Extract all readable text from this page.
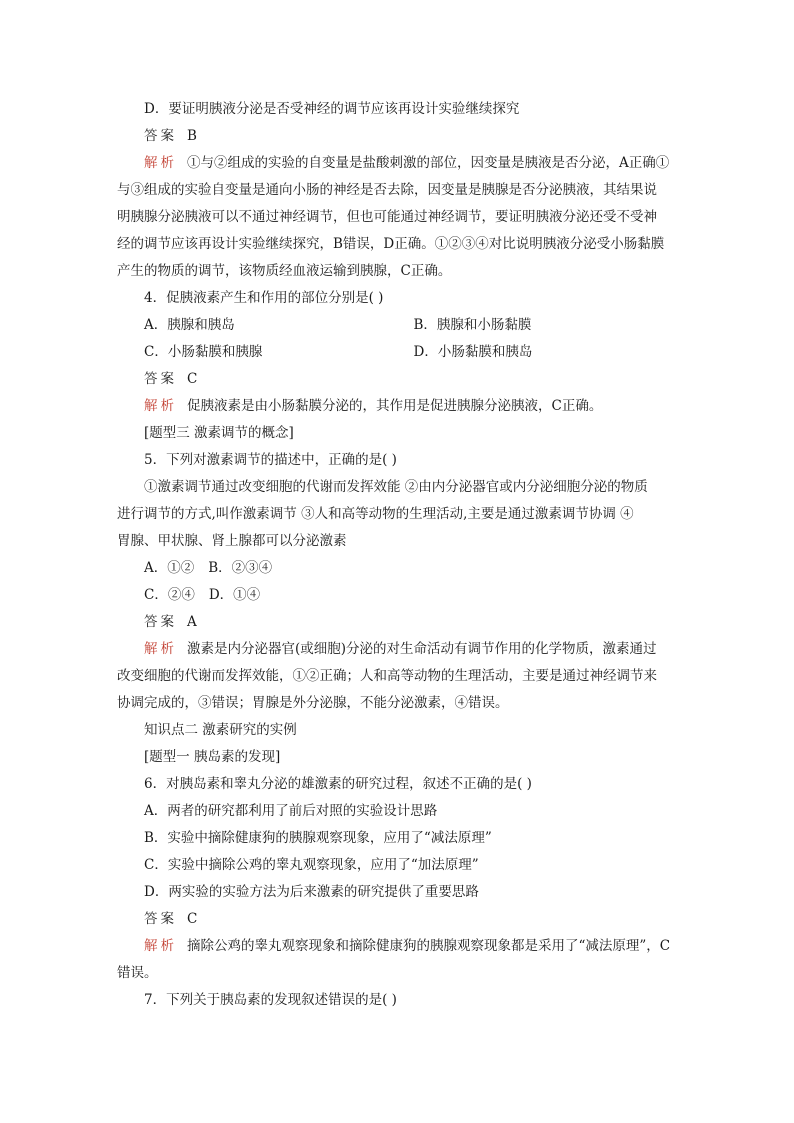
D．要证明胰液分泌是否受神经的调节应该再设计实验继续探究
答案 B
解析 ①与②组成的实验的自变量是盐酸刺激的部位，因变量是胰液是否分泌，A正确①
与③组成的实验自变量是通向小肠的神经是否去除，因变量是胰腺是否分泌胰液，其结果说
明胰腺分泌胰液可以不通过神经调节，但也可能通过神经调节，要证明胰液分泌还受不受神
经的调节应该再设计实验继续探究，B错误，D正确。①②③④对比说明胰液分泌受小肠黏膜
产生的物质的调节，该物质经血液运输到胰腺，C正确。
4．促胰液素产生和作用的部位分别是( )
A．胰腺和胰岛	B．胰腺和小肠黏膜
C．小肠黏膜和胰腺	D．小肠黏膜和胰岛
答案 C
解析 促胰液素是由小肠黏膜分泌的，其作用是促进胰腺分泌胰液，C正确。
[题型三 激素调节的概念]
5．下列对激素调节的描述中，正确的是( )
①激素调节通过改变细胞的代谢而发挥效能 ②由内分泌器官或内分泌细胞分泌的物质
进行调节的方式,叫作激素调节 ③人和高等动物的生理活动,主要是通过激素调节协调 ④
胃腺、甲状腺、肾上腺都可以分泌激素
A．①② B．②③④
C．②④ D．①④
答案 A
解析 激素是内分泌器官(或细胞)分泌的对生命活动有调节作用的化学物质，激素通过
改变细胞的代谢而发挥效能，①②正确；人和高等动物的生理活动，主要是通过神经调节来
协调完成的，③错误；胃腺是外分泌腺，不能分泌激素，④错误。
知识点二 激素研究的实例
[题型一 胰岛素的发现]
6．对胰岛素和睾丸分泌的雄激素的研究过程，叙述不正确的是( )
A．两者的研究都利用了前后对照的实验设计思路
B．实验中摘除健康狗的胰腺观察现象，应用了“减法原理”
C．实验中摘除公鸡的睾丸观察现象，应用了“加法原理”
D．两实验的实验方法为后来激素的研究提供了重要思路
答案 C
解析 摘除公鸡的睾丸观察现象和摘除健康狗的胰腺观察现象都是采用了“减法原理”，C
错误。
7．下列关于胰岛素的发现叙述错误的是( )
